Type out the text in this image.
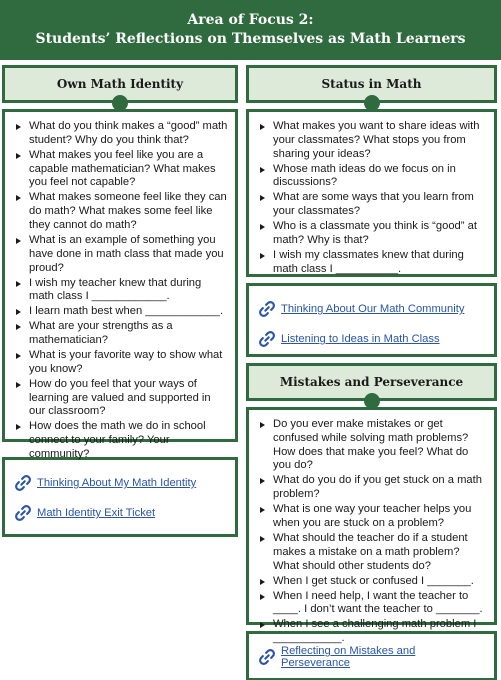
Area of Focus 2:
Students’ Reflections on Themselves as Math Learners
Own Math Identity
What do you think makes a “good” math student? Why do you think that?
What makes you feel like you are a capable mathematician? What makes you feel not capable?
What makes someone feel like they can do math? What makes some feel like they cannot do math?
What is an example of something you have done in math class that made you proud?
I wish my teacher knew that during math class I ____________.
I learn math best when ____________.
What are your strengths as a mathematician?
What is your favorite way to show what you know?
How do you feel that your ways of learning are valued and supported in our classroom?
How does the math we do in school connect to your family? Your community?
Thinking About My Math Identity
Math Identity Exit Ticket
Status in Math
What makes you want to share ideas with your classmates? What stops you from sharing your ideas?
Whose math ideas do we focus on in discussions?
What are some ways that you learn from your classmates?
Who is a classmate you think is “good” at math? Why is that?
I wish my classmates knew that during math class I __________.
Thinking About Our Math Community
Listening to Ideas in Math Class
Mistakes and Perseverance
Do you ever make mistakes or get confused while solving math problems? How does that make you feel? What do you do?
What do you do if you get stuck on a math problem?
What is one way your teacher helps you when you are stuck on a problem?
What should the teacher do if a student makes a mistake on a math problem? What should other students do?
When I get stuck or confused I _______.
When I need help, I want the teacher to ____. I don’t want the teacher to _______.
When I see a challenging math problem I ___________.
Reflecting on Mistakes and Perseverance
